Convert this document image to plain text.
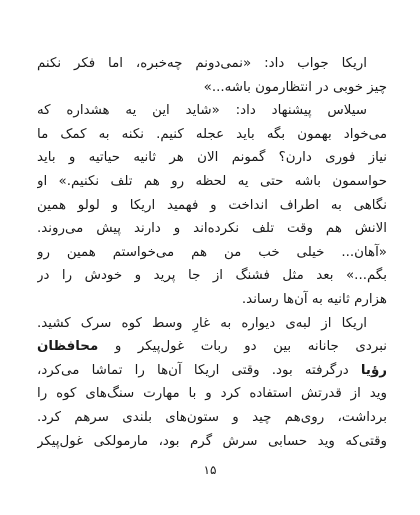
اریکا جواب داد: «نمی‌دونم چه‌خبره، اما فکر نکنم
چیز خوبی در انتظارمون باشه...»
سیلاس پیشنهاد داد: «شاید این یه هشداره که
می‌خواد بهمون بگه باید عجله کنیم. نکنه به کمک ما
نیاز فوری دارن؟ گمونم الان هر ثانیه حیاتیه و باید
حواسمون باشه حتی یه لحظه رو هم تلف نکنیم.» او
نگاهی به اطراف انداخت و فهمید اریکا و لولو همین
الانش هم وقت تلف نکرده‌اند و دارند پیش می‌روند.
«آهان... خیلی خب من هم می‌خواستم همین رو
بگم...» بعد مثل فشنگ از جا پرید و خودش را در
هزارم ثانیه به آن‌ها رساند.
اریکا از لبه‌ی دیواره به غارِ وسط کوه سرک کشید.
نبردی جانانه بین دو ربات غول‌پیکر و محافظان
رؤیا درگرفته بود. وقتی اریکا آن‌ها را تماشا می‌کرد،
وید از قدرتش استفاده کرد و با مهارت سنگ‌های کوه را
برداشت، روی‌هم چید و ستون‌های بلندی سرهم کرد.
وقتی‌که وید حسابی سرش گرم بود، مارمولکی غول‌پیکر
۱۵
